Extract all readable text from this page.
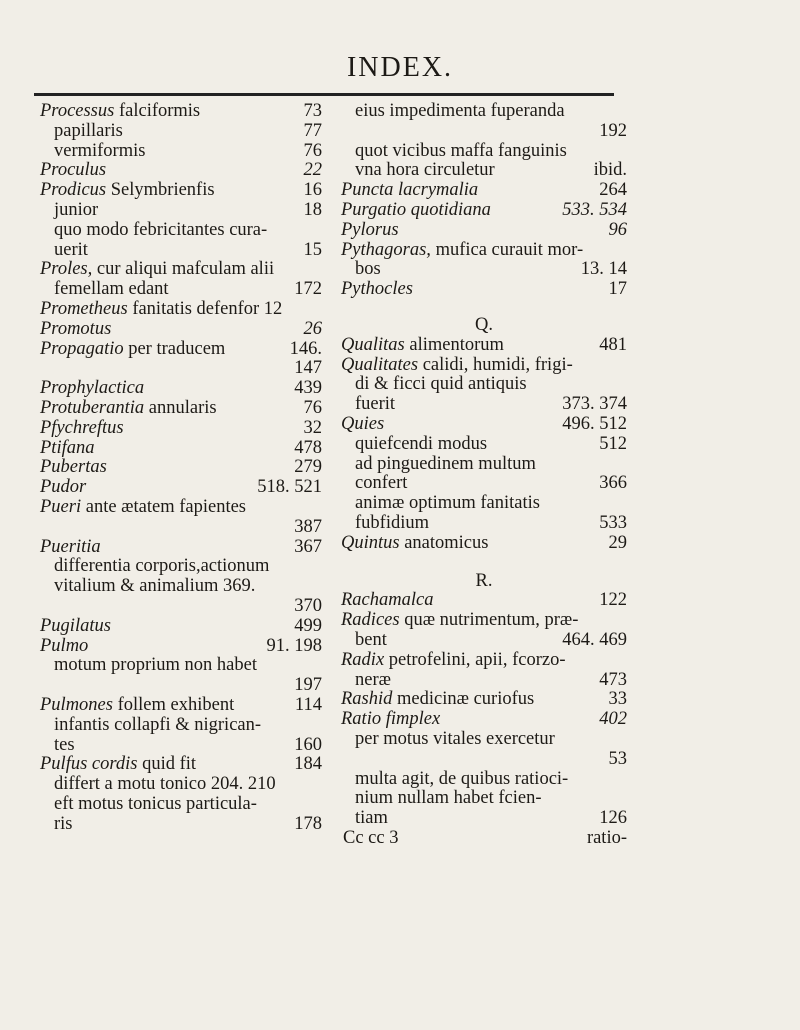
INDEX.
Processus falciformis	73
papillaris	77
vermiformis	76
Proculus	22
Prodicus Selymbrienfis	16
junior	18
quo modo febricitantes cura-
uerit	15
Proles, cur aliqui mafculam alii
femellam edant	172
Prometheus fanitatis defenfor 12
Promotus	26
Propagatio per traducem	146.
147
Prophylactica	439
Protuberantia annularis	76
Pfychreftus	32
Ptifana	478
Pubertas	279
Pudor	518. 521
Pueri ante ætatem fapientes
387
Pueritia	367
differentia corporis,actionum
vitalium & animalium 369.
370
Pugilatus	499
Pulmo	91. 198
motum proprium non habet
197
Pulmones follem exhibent	114
infantis collapfi & nigrican-
tes	160
Pulfus cordis quid fit	184
differt a motu tonico 204. 210
eft motus tonicus particula-
ris	178
eius impedimenta fuperanda
192
quot vicibus maffa fanguinis
vna hora circuletur	ibid.
Puncta lacrymalia	264
Purgatio quotidiana	533. 534
Pylorus	96
Pythagoras, mufica curauit mor-
bos	13. 14
Pythocles	17
Q.
Qualitas alimentorum	481
Qualitates calidi, humidi, frigi-
di & ficci quid antiquis
fuerit	373. 374
Quies	496. 512
quiefcendi modus	512
ad pinguedinem multum
confert	366
animæ optimum fanitatis
fubfidium	533
Quintus anatomicus	29
R.
Rachamalca	122
Radices quæ nutrimentum, præ-
bent	464. 469
Radix petrofelini, apii, fcorzo-
neræ	473
Rashid medicinæ curiofus	33
Ratio fimplex	402
per motus vitales exercetur
53
multa agit, de quibus ratioci-
nium nullam habet fcien-
tiam	126
Cc cc 3	ratio-
